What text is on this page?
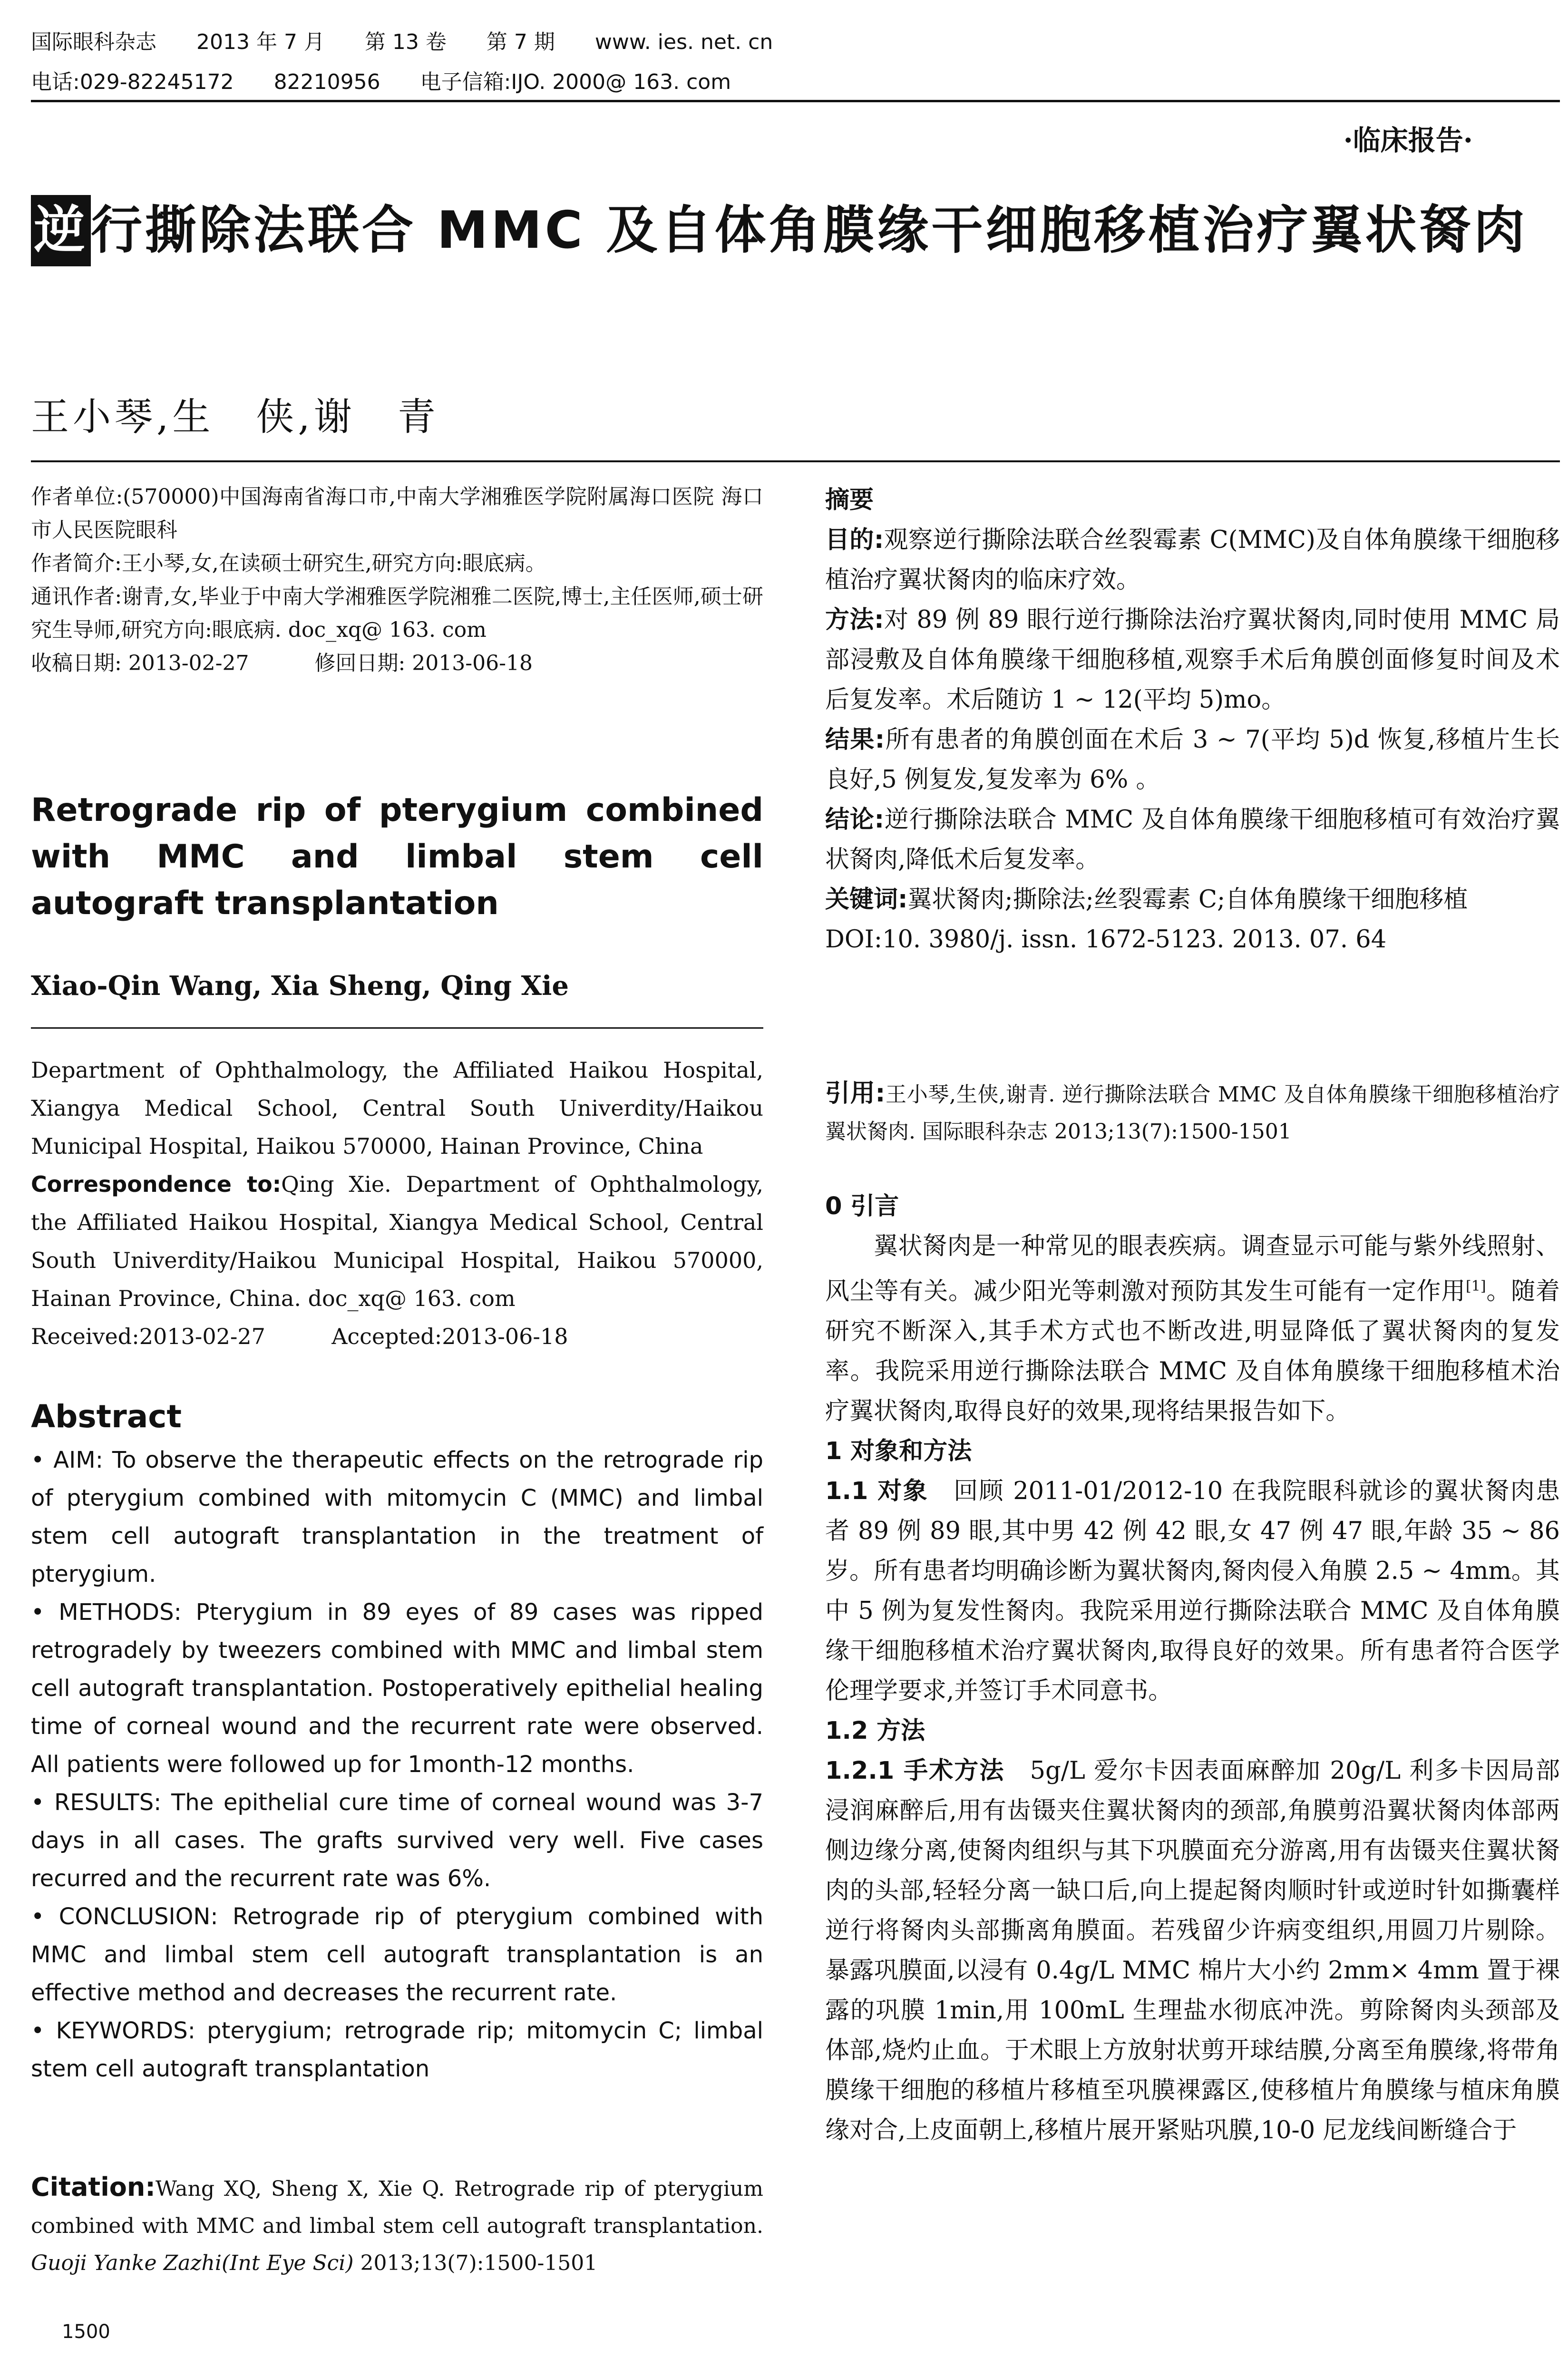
国际眼科杂志 2013 年 7 月 第 13 卷 第 7 期 www. ies. net. cn
电话:029-82245172 82210956 电子信箱:IJO. 2000@ 163. com
·临床报告·
逆行撕除法联合 MMC 及自体角膜缘干细胞移植治疗翼状胬肉
王小琴,生　侠,谢　青
作者单位:(570000)中国海南省海口市,中南大学湘雅医学院附属海口医院 海口市人民医院眼科
作者简介:王小琴,女,在读硕士研究生,研究方向:眼底病。
通讯作者:谢青,女,毕业于中南大学湘雅医学院湘雅二医院,博士,主任医师,硕士研究生导师,研究方向:眼底病. doc_xq@ 163. com
收稿日期: 2013-02-27	修回日期: 2013-06-18
Retrograde rip of pterygium combined with MMC and limbal stem cell autograft transplantation
Xiao-Qin Wang, Xia Sheng, Qing Xie
Department of Ophthalmology, the Affiliated Haikou Hospital, Xiangya Medical School, Central South Univerdity/Haikou Municipal Hospital, Haikou 570000, Hainan Province, China
Correspondence to:Qing Xie. Department of Ophthalmology, the Affiliated Haikou Hospital, Xiangya Medical School, Central South Univerdity/Haikou Municipal Hospital, Haikou 570000, Hainan Province, China. doc_xq@ 163. com
Received:2013-02-27	Accepted:2013-06-18
Abstract

• AIM: To observe the therapeutic effects on the retrograde rip of pterygium combined with mitomycin C (MMC) and limbal stem cell autograft transplantation in the treatment of pterygium.

• METHODS: Pterygium in 89 eyes of 89 cases was ripped retrogradely by tweezers combined with MMC and limbal stem cell autograft transplantation. Postoperatively epithelial healing time of corneal wound and the recurrent rate were observed. All patients were followed up for 1month-12 months.

• RESULTS: The epithelial cure time of corneal wound was 3-7 days in all cases. The grafts survived very well. Five cases recurred and the recurrent rate was 6%.

• CONCLUSION: Retrograde rip of pterygium combined with MMC and limbal stem cell autograft transplantation is an effective method and decreases the recurrent rate.

• KEYWORDS: pterygium; retrograde rip; mitomycin C; limbal stem cell autograft transplantation

Citation:Wang XQ, Sheng X, Xie Q. Retrograde rip of pterygium combined with MMC and limbal stem cell autograft transplantation. Guoji Yanke Zazhi(Int Eye Sci) 2013;13(7):1500-1501
1500
摘要

目的:观察逆行撕除法联合丝裂霉素 C(MMC)及自体角膜缘干细胞移植治疗翼状胬肉的临床疗效。

方法:对 89 例 89 眼行逆行撕除法治疗翼状胬肉,同时使用 MMC 局部浸敷及自体角膜缘干细胞移植,观察手术后角膜创面修复时间及术后复发率。术后随访 1 ~ 12(平均 5)mo。

结果:所有患者的角膜创面在术后 3 ~ 7(平均 5)d 恢复,移植片生长良好,5 例复发,复发率为 6% 。

结论:逆行撕除法联合 MMC 及自体角膜缘干细胞移植可有效治疗翼状胬肉,降低术后复发率。

关键词:翼状胬肉;撕除法;丝裂霉素 C;自体角膜缘干细胞移植

DOI:10. 3980/j. issn. 1672-5123. 2013. 07. 64

引用:王小琴,生侠,谢青. 逆行撕除法联合 MMC 及自体角膜缘干细胞移植治疗翼状胬肉. 国际眼科杂志 2013;13(7):1500-1501
0 引言

翼状胬肉是一种常见的眼表疾病。调查显示可能与紫外线照射、风尘等有关。减少阳光等刺激对预防其发生可能有一定作用[1]。随着研究不断深入,其手术方式也不断改进,明显降低了翼状胬肉的复发率。我院采用逆行撕除法联合 MMC 及自体角膜缘干细胞移植术治疗翼状胬肉,取得良好的效果,现将结果报告如下。

1 对象和方法

1.1 对象　回顾 2011-01/2012-10 在我院眼科就诊的翼状胬肉患者 89 例 89 眼,其中男 42 例 42 眼,女 47 例 47 眼,年龄 35 ~ 86 岁。所有患者均明确诊断为翼状胬肉,胬肉侵入角膜 2.5 ~ 4mm。其中 5 例为复发性胬肉。我院采用逆行撕除法联合 MMC 及自体角膜缘干细胞移植术治疗翼状胬肉,取得良好的效果。所有患者符合医学伦理学要求,并签订手术同意书。

1.2 方法

1.2.1 手术方法　5g/L 爱尔卡因表面麻醉加 20g/L 利多卡因局部浸润麻醉后,用有齿镊夹住翼状胬肉的颈部,角膜剪沿翼状胬肉体部两侧边缘分离,使胬肉组织与其下巩膜面充分游离,用有齿镊夹住翼状胬肉的头部,轻轻分离一缺口后,向上提起胬肉顺时针或逆时针如撕囊样逆行将胬肉头部撕离角膜面。若残留少许病变组织,用圆刀片剔除。暴露巩膜面,以浸有 0.4g/L MMC 棉片大小约 2mm× 4mm 置于裸露的巩膜 1min,用 100mL 生理盐水彻底冲洗。剪除胬肉头颈部及体部,烧灼止血。于术眼上方放射状剪开球结膜,分离至角膜缘,将带角膜缘干细胞的移植片移植至巩膜裸露区,使移植片角膜缘与植床角膜缘对合,上皮面朝上,移植片展开紧贴巩膜,10-0 尼龙线间断缝合于
